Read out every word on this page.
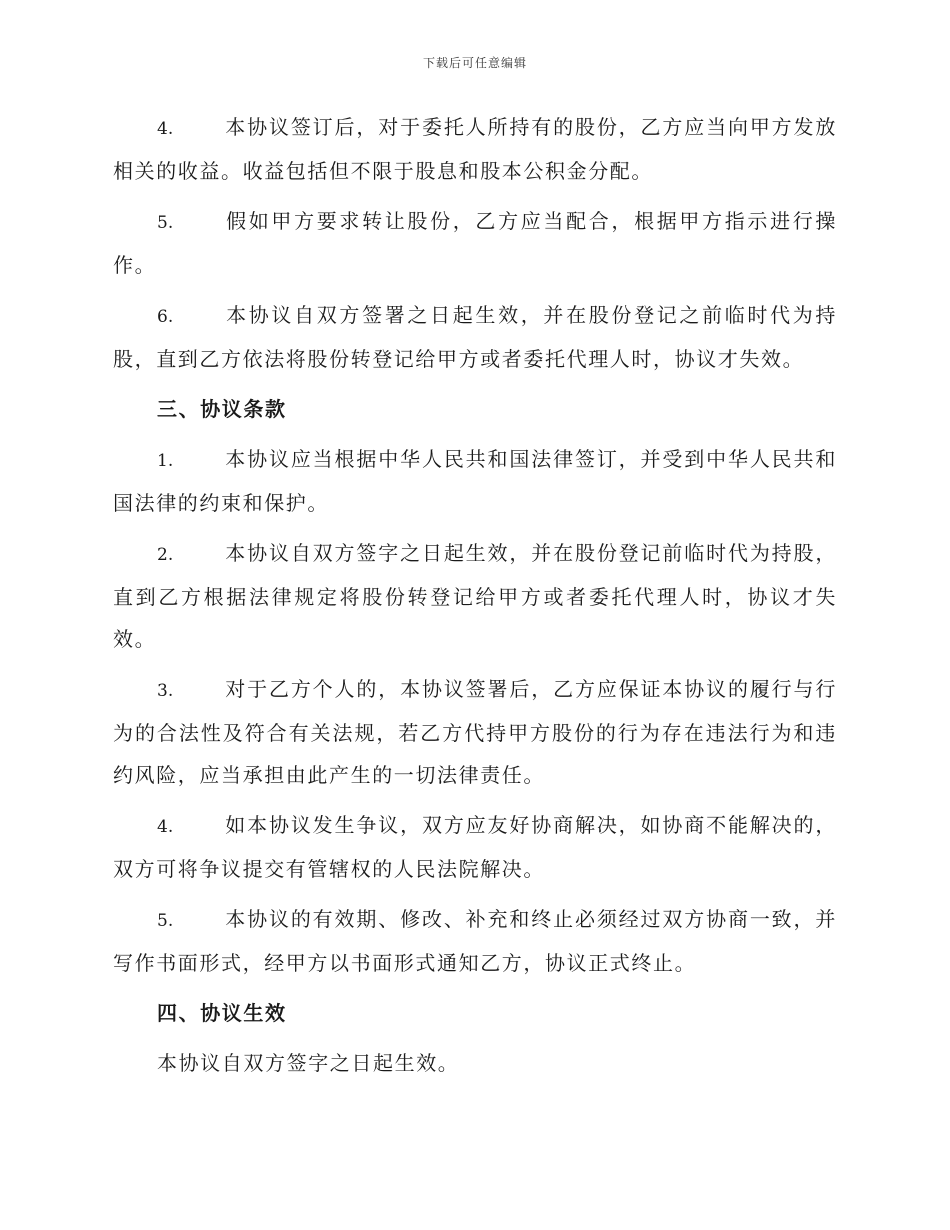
下载后可任意编辑

4.	本协议签订后，对于委托人所持有的股份，乙方应当向甲方发放相关的收益。收益包括但不限于股息和股本公积金分配。

5.	假如甲方要求转让股份，乙方应当配合，根据甲方指示进行操作。

6.	本协议自双方签署之日起生效，并在股份登记之前临时代为持股，直到乙方依法将股份转登记给甲方或者委托代理人时，协议才失效。

三、协议条款

1.	本协议应当根据中华人民共和国法律签订，并受到中华人民共和国法律的约束和保护。

2.	本协议自双方签字之日起生效，并在股份登记前临时代为持股，直到乙方根据法律规定将股份转登记给甲方或者委托代理人时，协议才失效。

3.	对于乙方个人的，本协议签署后，乙方应保证本协议的履行与行为的合法性及符合有关法规，若乙方代持甲方股份的行为存在违法行为和违约风险，应当承担由此产生的一切法律责任。

4.	如本协议发生争议，双方应友好协商解决，如协商不能解决的，双方可将争议提交有管辖权的人民法院解决。

5.	本协议的有效期、修改、补充和终止必须经过双方协商一致，并写作书面形式，经甲方以书面形式通知乙方，协议正式终止。

四、协议生效

本协议自双方签字之日起生效。
